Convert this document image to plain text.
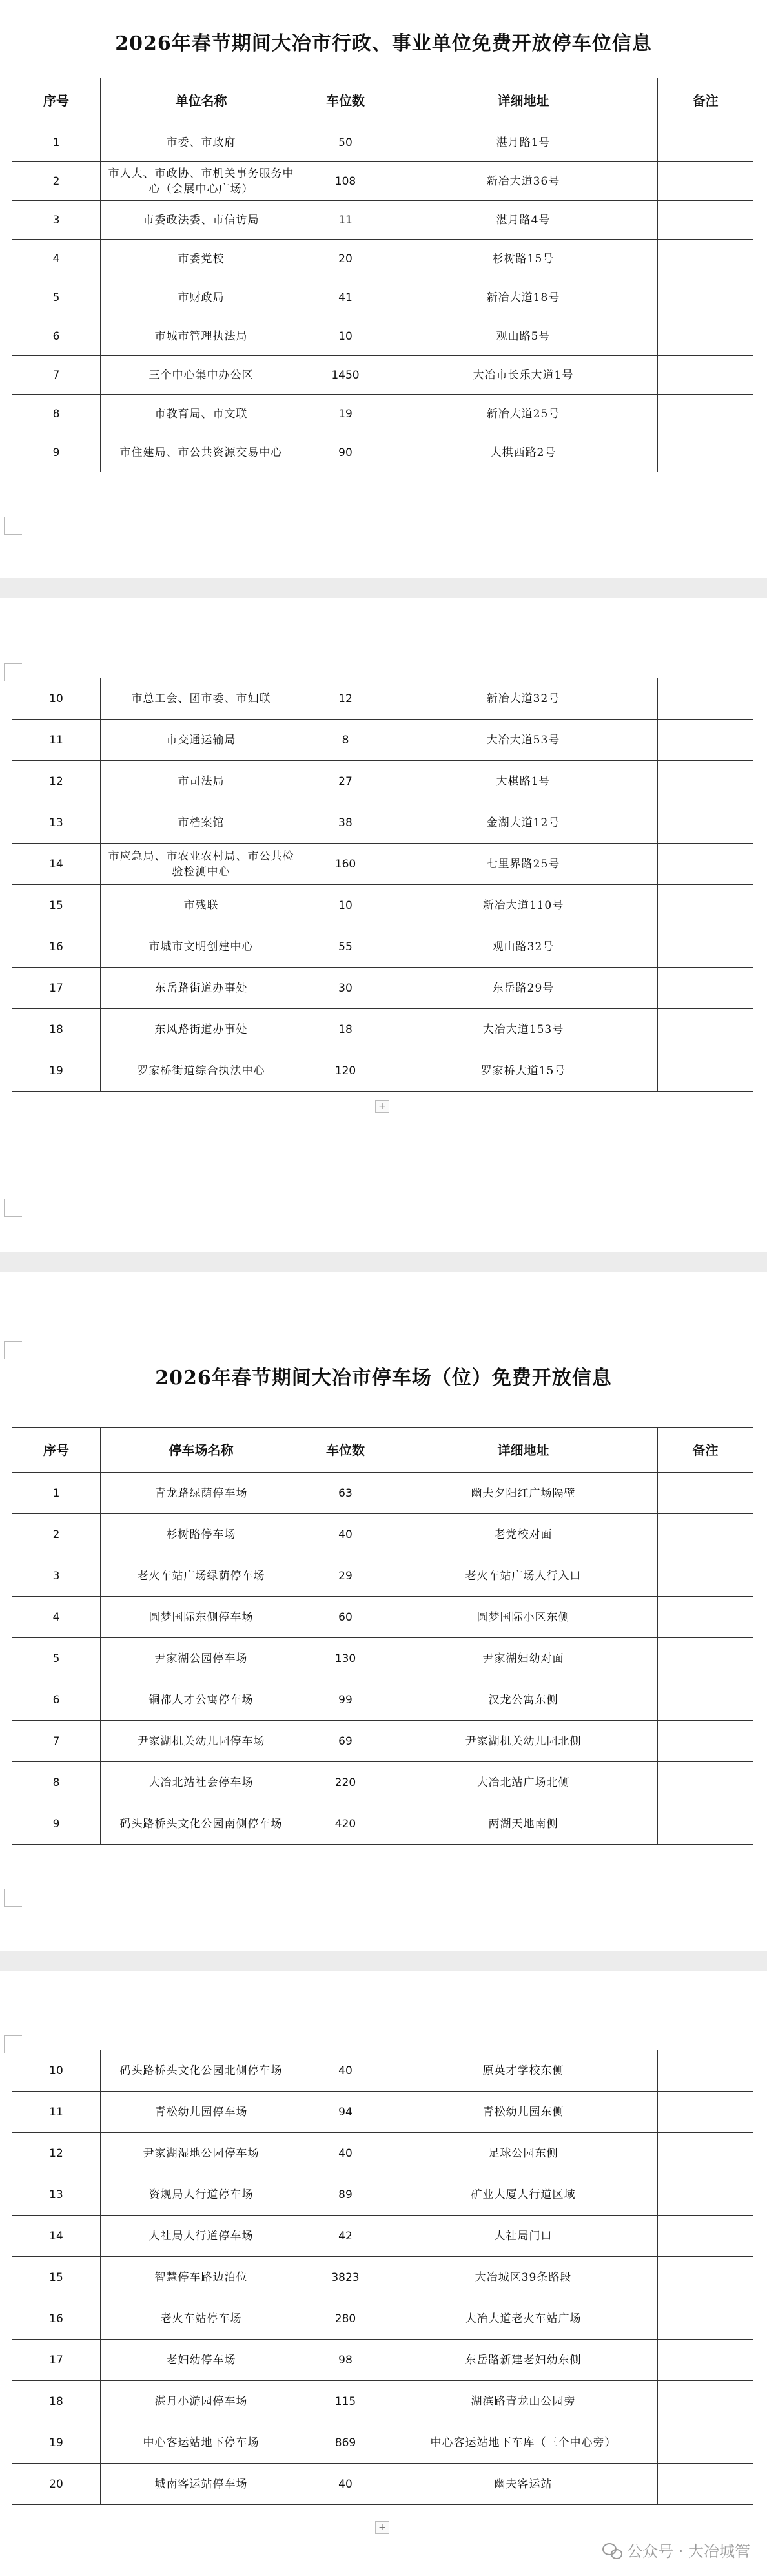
2026年春节期间大冶市行政、事业单位免费开放停车位信息
序号	单位名称	车位数	详细地址	备注
1	市委、市政府	50	湛月路1号	
2	市人大、市政协、市机关事务服务中心（会展中心广场）	108	新冶大道36号	
3	市委政法委、市信访局	11	湛月路4号	
4	市委党校	20	杉树路15号	
5	市财政局	41	新冶大道18号	
6	市城市管理执法局	10	观山路5号	
7	三个中心集中办公区	1450	大冶市长乐大道1号	
8	市教育局、市文联	19	新冶大道25号	
9	市住建局、市公共资源交易中心	90	大棋西路2号	
10	市总工会、团市委、市妇联	12	新冶大道32号	
11	市交通运输局	8	大冶大道53号	
12	市司法局	27	大棋路1号	
13	市档案馆	38	金湖大道12号	
14	市应急局、市农业农村局、市公共检验检测中心	160	七里界路25号	
15	市残联	10	新冶大道110号	
16	市城市文明创建中心	55	观山路32号	
17	东岳路街道办事处	30	东岳路29号	
18	东风路街道办事处	18	大冶大道153号	
19	罗家桥街道综合执法中心	120	罗家桥大道15号	
+
2026年春节期间大冶市停车场（位）免费开放信息
序号	停车场名称	车位数	详细地址	备注
1	青龙路绿荫停车场	63	幽夫夕阳红广场隔壁	
2	杉树路停车场	40	老党校对面	
3	老火车站广场绿荫停车场	29	老火车站广场人行入口	
4	圆梦国际东侧停车场	60	圆梦国际小区东侧	
5	尹家湖公园停车场	130	尹家湖妇幼对面	
6	铜都人才公寓停车场	99	汉龙公寓东侧	
7	尹家湖机关幼儿园停车场	69	尹家湖机关幼儿园北侧	
8	大冶北站社会停车场	220	大冶北站广场北侧	
9	码头路桥头文化公园南侧停车场	420	两湖天地南侧	
10	码头路桥头文化公园北侧停车场	40	原英才学校东侧	
11	青松幼儿园停车场	94	青松幼儿园东侧	
12	尹家湖湿地公园停车场	40	足球公园东侧	
13	资规局人行道停车场	89	矿业大厦人行道区域	
14	人社局人行道停车场	42	人社局门口	
15	智慧停车路边泊位	3823	大冶城区39条路段	
16	老火车站停车场	280	大冶大道老火车站广场	
17	老妇幼停车场	98	东岳路新建老妇幼东侧	
18	湛月小游园停车场	115	湖滨路青龙山公园旁	
19	中心客运站地下停车场	869	中心客运站地下车库（三个中心旁）	
20	城南客运站停车场	40	幽夫客运站	
+
公众号 · 大冶城管
